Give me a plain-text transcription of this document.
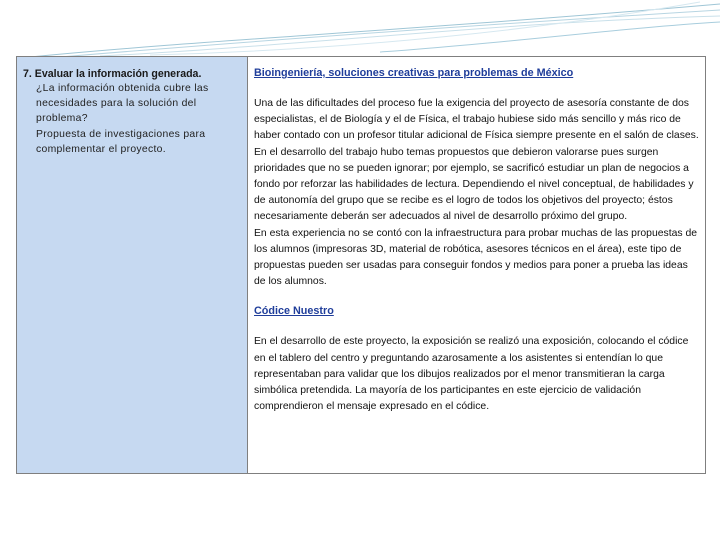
7. Evaluar la información generada.
¿La información obtenida cubre las
necesidades para la solución del
problema?
Propuesta de investigaciones para
complementar el proyecto.
Bioingeniería, soluciones creativas para problemas de México
Una de las dificultades del proceso fue la exigencia del proyecto de asesoría constante de dos especialistas, el de Biología y el de Física, el trabajo hubiese sido más sencillo y más rico de haber contado con un profesor titular adicional de Física siempre presente en el salón de clases. En el desarrollo del trabajo hubo temas propuestos que debieron valorarse pues surgen prioridades que no se pueden ignorar; por ejemplo, se sacrificó estudiar un plan de negocios a fondo por reforzar las habilidades de lectura. Dependiendo el nivel conceptual, de habilidades y de autonomía del grupo que se recibe es el logro de todos los objetivos del proyecto; éstos necesariamente deberán ser adecuados al nivel de desarrollo próximo del grupo.
En esta experiencia no se contó con la infraestructura para probar muchas de las propuestas de los alumnos (impresoras 3D, material de robótica, asesores técnicos en el área), este tipo de propuestas pueden ser usadas para conseguir fondos y medios para poner a prueba las ideas de los alumnos.
Códice Nuestro
En el desarrollo de este proyecto, la exposición se realizó una exposición, colocando el códice en el tablero del centro y preguntando azarosamente a los asistentes si entendían lo que representaban para validar que los dibujos realizados por el menor transmitieran la carga simbólica pretendida. La mayoría de los participantes en este ejercicio de validación comprendieron el mensaje expresado en el códice.
